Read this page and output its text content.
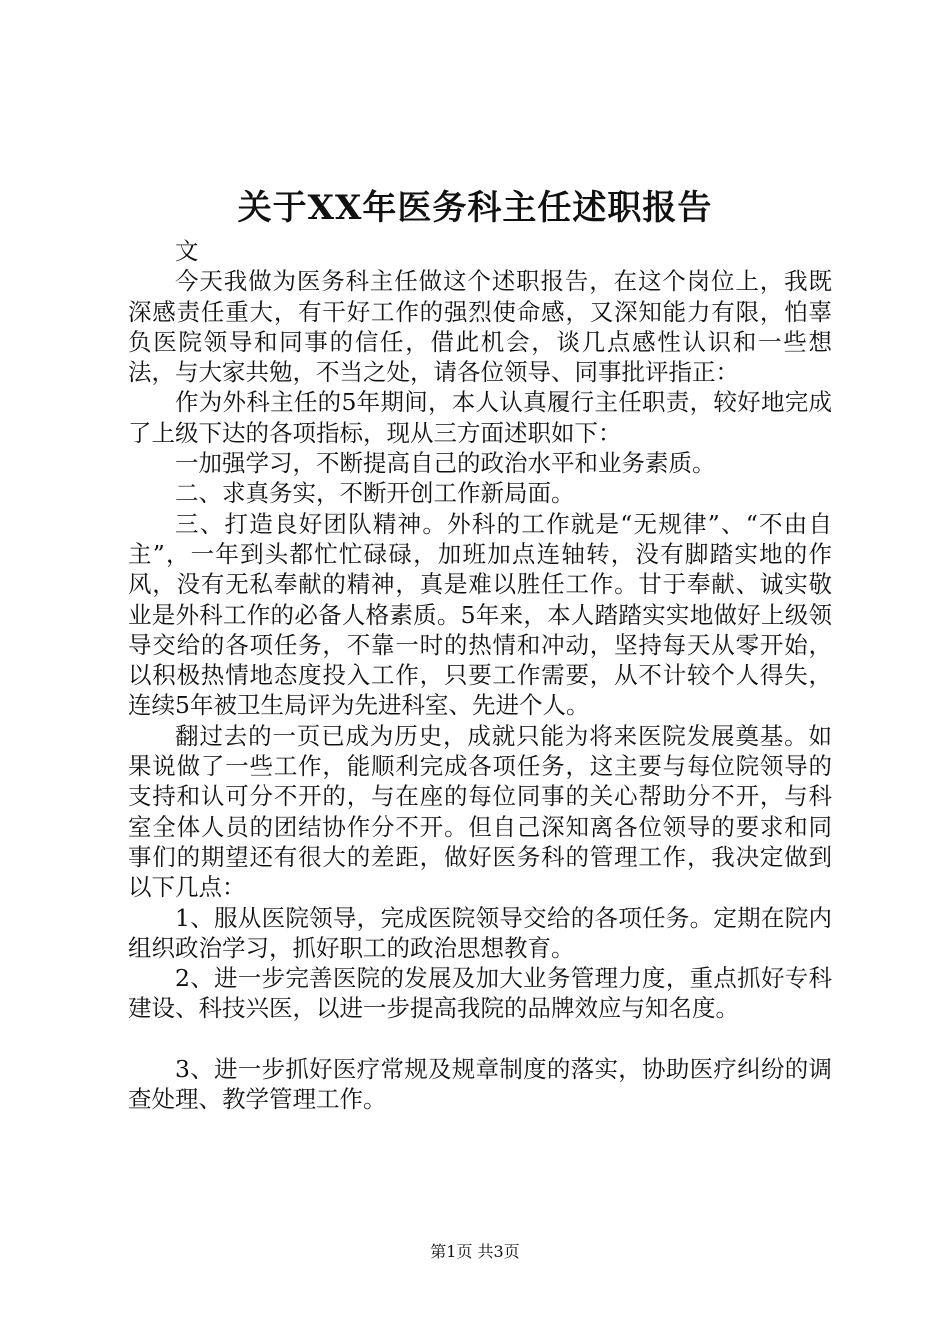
关于XX年医务科主任述职报告

文

今天我做为医务科主任做这个述职报告，在这个岗位上，我既深感责任重大，有干好工作的强烈使命感，又深知能力有限，怕辜负医院领导和同事的信任，借此机会，谈几点感性认识和一些想法，与大家共勉，不当之处，请各位领导、同事批评指正：

作为外科主任的5年期间，本人认真履行主任职责，较好地完成了上级下达的各项指标，现从三方面述职如下：

一加强学习，不断提高自己的政治水平和业务素质。

二、求真务实，不断开创工作新局面。

三、打造良好团队精神。外科的工作就是“无规律”、“不由自主”，一年到头都忙忙碌碌，加班加点连轴转，没有脚踏实地的作风，没有无私奉献的精神，真是难以胜任工作。甘于奉献、诚实敬业是外科工作的必备人格素质。5年来，本人踏踏实实地做好上级领导交给的各项任务，不靠一时的热情和冲动，坚持每天从零开始，以积极热情地态度投入工作，只要工作需要，从不计较个人得失，连续5年被卫生局评为先进科室、先进个人。

翻过去的一页已成为历史，成就只能为将来医院发展奠基。如果说做了一些工作，能顺利完成各项任务，这主要与每位院领导的支持和认可分不开的，与在座的每位同事的关心帮助分不开，与科室全体人员的团结协作分不开。但自己深知离各位领导的要求和同事们的期望还有很大的差距，做好医务科的管理工作，我决定做到以下几点：

1、服从医院领导，完成医院领导交给的各项任务。定期在院内组织政治学习，抓好职工的政治思想教育。

2、进一步完善医院的发展及加大业务管理力度，重点抓好专科建设、科技兴医，以进一步提高我院的品牌效应与知名度。

3、进一步抓好医疗常规及规章制度的落实，协助医疗纠纷的调查处理、教学管理工作。

第1页 共3页
